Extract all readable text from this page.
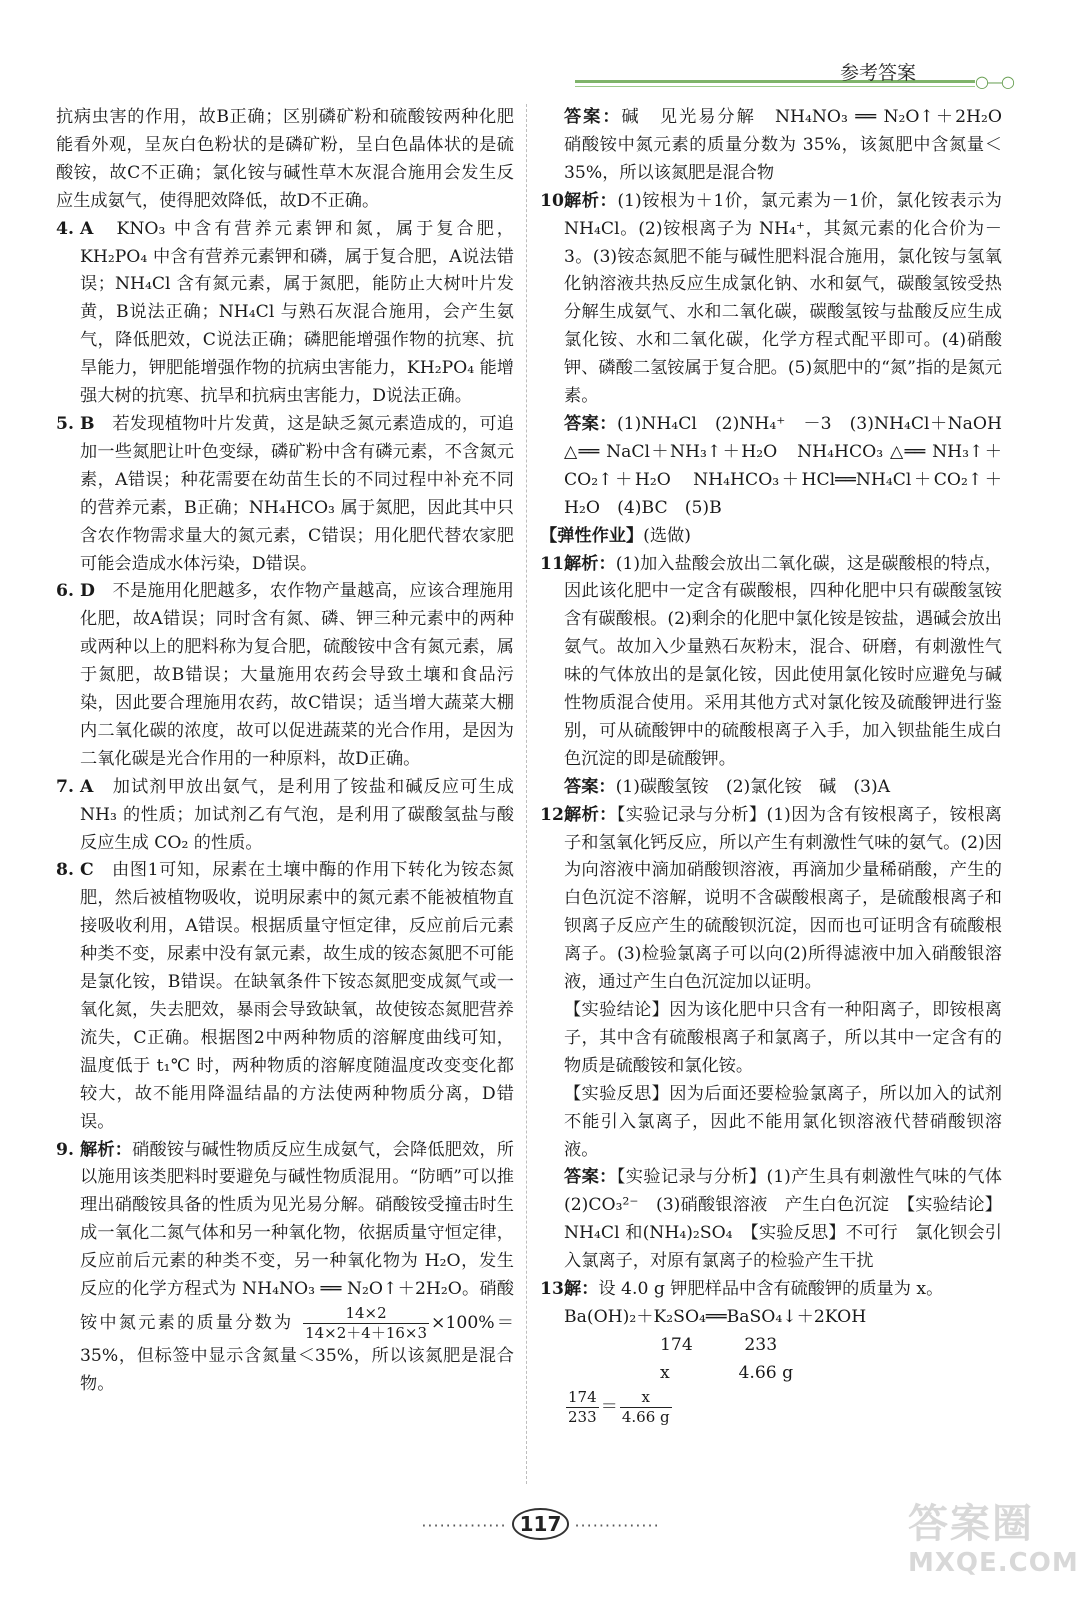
○—○
参考答案

抗病虫害的作用，故B正确；区别磷矿粉和硫酸铵两种化肥能看外观，呈灰白色粉状的是磷矿粉，呈白色晶体状的是硫酸铵，故C不正确；氯化铵与碱性草木灰混合施用会发生反应生成氨气，使得肥效降低，故D不正确。

4. A　 KNO₃ 中含有营养元素钾和氮，属于复合肥，KH₂PO₄ 中含有营养元素钾和磷，属于复合肥，A说法错误；NH₄Cl 含有氮元素，属于氮肥，能防止大树叶片发黄，B说法正确；NH₄Cl 与熟石灰混合施用，会产生氨气，降低肥效，C说法正确；磷肥能增强作物的抗寒、抗旱能力，钾肥能增强作物的抗病虫害能力，KH₂PO₄ 能增强大树的抗寒、抗旱和抗病虫害能力，D说法正确。

5. B　 若发现植物叶片发黄，这是缺乏氮元素造成的，可追加一些氮肥让叶色变绿，磷矿粉中含有磷元素，不含氮元素，A错误；种花需要在幼苗生长的不同过程中补充不同的营养元素，B正确；NH₄HCO₃ 属于氮肥，因此其中只含农作物需求量大的氮元素，C错误；用化肥代替农家肥可能会造成水体污染，D错误。

6. D　 不是施用化肥越多，农作物产量越高，应该合理施用化肥，故A错误；同时含有氮、磷、钾三种元素中的两种或两种以上的肥料称为复合肥，硫酸铵中含有氮元素，属于氮肥，故B错误；大量施用农药会导致土壤和食品污染，因此要合理施用农药，故C错误；适当增大蔬菜大棚内二氧化碳的浓度，故可以促进蔬菜的光合作用，是因为二氧化碳是光合作用的一种原料，故D正确。

7. A　 加试剂甲放出氨气，是利用了铵盐和碱反应可生成 NH₃ 的性质；加试剂乙有气泡，是利用了碳酸氢盐与酸反应生成 CO₂ 的性质。

8. C　 由图1可知，尿素在土壤中酶的作用下转化为铵态氮肥，然后被植物吸收，说明尿素中的氮元素不能被植物直接吸收利用，A错误。根据质量守恒定律，反应前后元素种类不变，尿素中没有氯元素，故生成的铵态氮肥不可能是氯化铵，B错误。在缺氧条件下铵态氮肥变成氮气或一氧化氮，失去肥效，暴雨会导致缺氧，故使铵态氮肥营养流失，C正确。根据图2中两种物质的溶解度曲线可知，温度低于 t₁℃ 时，两种物质的溶解度随温度改变变化都较大，故不能用降温结晶的方法使两种物质分离，D错误。

9. 解析：硝酸铵与碱性物质反应生成氨气，会降低肥效，所以施用该类肥料时要避免与碱性物质混用。“防晒”可以推理出硝酸铵具备的性质为见光易分解。硝酸铵受撞击时生成一氧化二氮气体和另一种氧化物，依据质量守恒定律，反应前后元素的种类不变，另一种氧化物为 H₂O，发生反应的化学方程式为 NH₄NO₃ ══ N₂O↑＋2H₂O。硝酸铵中氮元素的质量分数为 $\frac{14\times 2}{14\times 2+4+16\times 3} \times 100\%=35\%$，但标签中显示含氮量＜35%，所以该氮肥是混合物。

答案：碱　见光易分解　NH₄NO₃ ══ N₂O↑＋2H₂O　硝酸铵中氮元素的质量分数为 35%，该氮肥中含氮量＜35%，所以该氮肥是混合物

10.

解析：(1)铵根为＋1价，氯元素为－1价，氯化铵表示为 NH₄Cl。(2)铵根离子为 NH₄⁺，其氮元素的化合价为－3。(3)铵态氮肥不能与碱性肥料混合施用，氯化铵与氢氧化钠溶液共热反应生成氯化钠、水和氨气，碳酸氢铵受热分解生成氨气、水和二氧化碳，碳酸氢铵与盐酸反应生成氯化铵、水和二氧化碳，化学方程式配平即可。(4)硝酸钾、磷酸二氢铵属于复合肥。(5)氮肥中的“氮”指的是氮元素。

答案：(1)NH₄Cl　(2)NH₄⁺　－3　(3)NH₄Cl＋NaOH △══ NaCl＋NH₃↑＋H₂O　NH₄HCO₃ △══ NH₃↑＋CO₂↑＋H₂O　NH₄HCO₃＋HCl══NH₄Cl＋CO₂↑＋H₂O　(4)BC　(5)B

【弹性作业】(选做)

11.

解析：(1)加入盐酸会放出二氧化碳，这是碳酸根的特点，因此该化肥中一定含有碳酸根，四种化肥中只有碳酸氢铵含有碳酸根。(2)剩余的化肥中氯化铵是铵盐，遇碱会放出氨气。故加入少量熟石灰粉末，混合、研磨，有刺激性气味的气体放出的是氯化铵，因此使用氯化铵时应避免与碱性物质混合使用。采用其他方式对氯化铵及硫酸钾进行鉴别，可从硫酸钾中的硫酸根离子入手，加入钡盐能生成白色沉淀的即是硫酸钾。

答案：(1)碳酸氢铵　(2)氯化铵　碱　(3)A

12.

解析：【实验记录与分析】(1)因为含有铵根离子，铵根离子和氢氧化钙反应，所以产生有刺激性气味的氨气。(2)因为向溶液中滴加硝酸钡溶液，再滴加少量稀硝酸，产生的白色沉淀不溶解，说明不含碳酸根离子，是硫酸根离子和钡离子反应产生的硫酸钡沉淀，因而也可证明含有硫酸根离子。(3)检验氯离子可以向(2)所得滤液中加入硝酸银溶液，通过产生白色沉淀加以证明。

【实验结论】因为该化肥中只含有一种阳离子，即铵根离子，其中含有硫酸根离子和氯离子，所以其中一定含有的物质是硫酸铵和氯化铵。

【实验反思】因为后面还要检验氯离子，所以加入的试剂不能引入氯离子，因此不能用氯化钡溶液代替硝酸钡溶液。

答案：【实验记录与分析】(1)产生具有刺激性气味的气体　(2)CO₃²⁻　(3)硝酸银溶液　产生白色沉淀　【实验结论】NH₄Cl 和(NH₄)₂SO₄　【实验反思】不可行　氯化钡会引入氯离子，对原有氯离子的检验产生干扰

13.

解：设 4.0 g 钾肥样品中含有硫酸钾的质量为 x。

Ba(OH)₂＋K₂SO₄══BaSO₄↓＋2KOH

174　　　233

x　　　　4.66 g

$\frac{174}{233} = \frac{x}{4.66 g}$

·············· 117 ··············	答案圈
MXQE.COM
